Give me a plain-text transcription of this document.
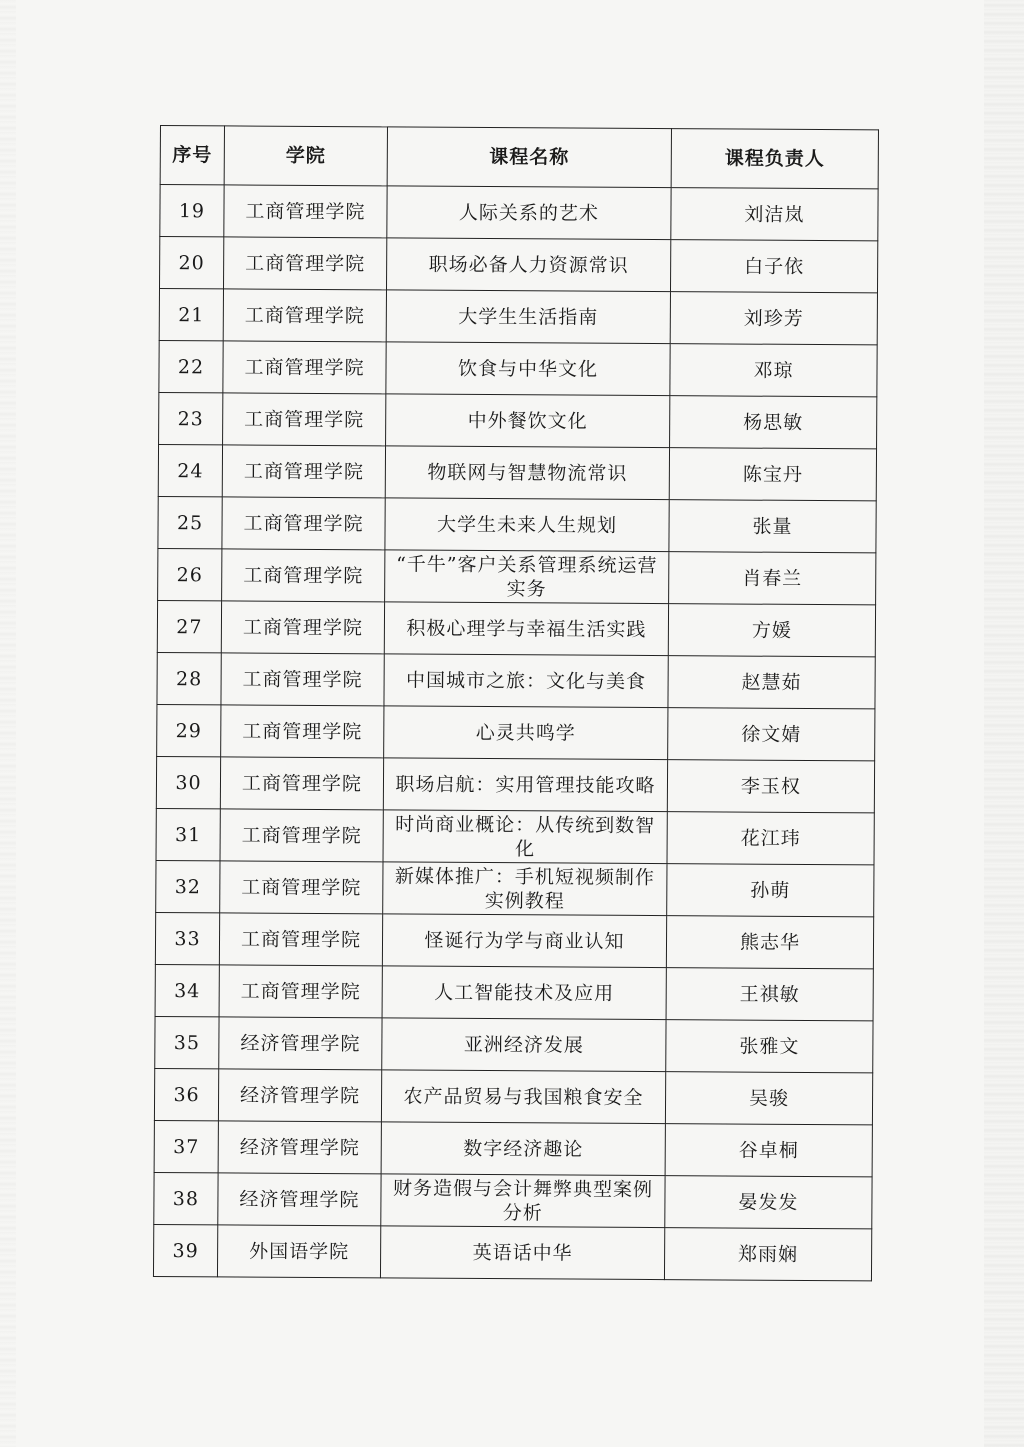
序号	学院	课程名称	课程负责人
19	工商管理学院	人际关系的艺术	刘洁岚
20	工商管理学院	职场必备人力资源常识	白子依
21	工商管理学院	大学生生活指南	刘珍芳
22	工商管理学院	饮食与中华文化	邓琼
23	工商管理学院	中外餐饮文化	杨思敏
24	工商管理学院	物联网与智慧物流常识	陈宝丹
25	工商管理学院	大学生未来人生规划	张量
26	工商管理学院	“千牛”客户关系管理系统运营实务	肖春兰
27	工商管理学院	积极心理学与幸福生活实践	方媛
28	工商管理学院	中国城市之旅：文化与美食	赵慧茹
29	工商管理学院	心灵共鸣学	徐文婧
30	工商管理学院	职场启航：实用管理技能攻略	李玉权
31	工商管理学院	时尚商业概论：从传统到数智化	花江玮
32	工商管理学院	新媒体推广：手机短视频制作实例教程	孙萌
33	工商管理学院	怪诞行为学与商业认知	熊志华
34	工商管理学院	人工智能技术及应用	王祺敏
35	经济管理学院	亚洲经济发展	张雅文
36	经济管理学院	农产品贸易与我国粮食安全	吴骏
37	经济管理学院	数字经济趣论	谷卓桐
38	经济管理学院	财务造假与会计舞弊典型案例分析	晏发发
39	外国语学院	英语话中华	郑雨娴
